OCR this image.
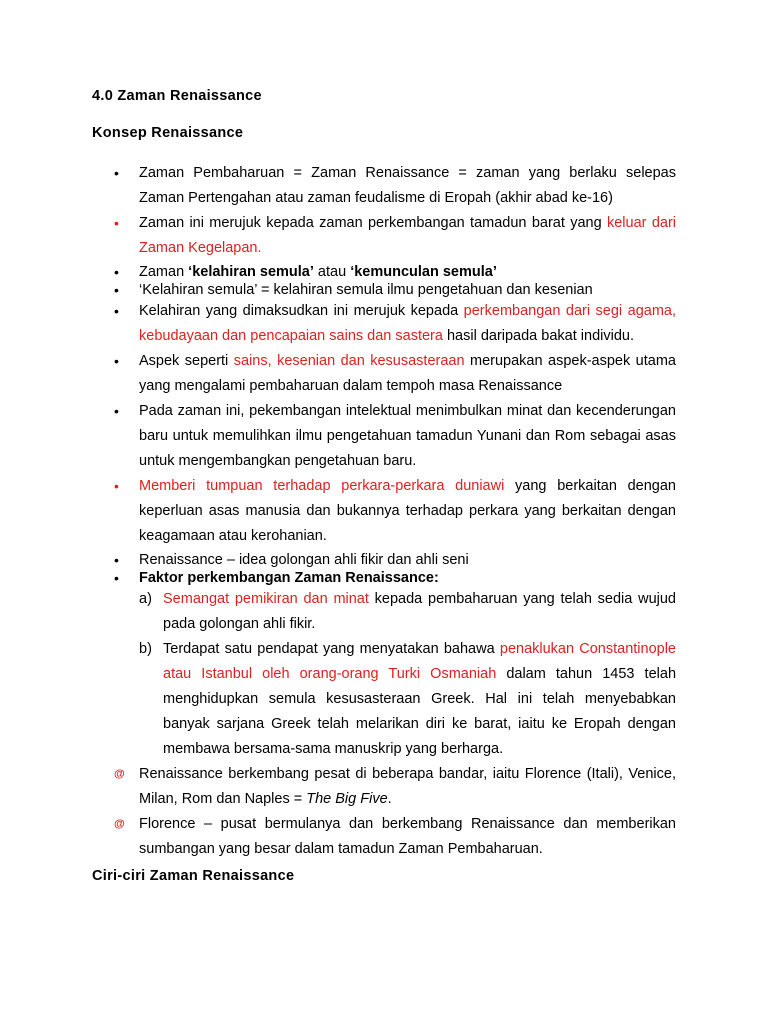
4.0 Zaman Renaissance
Konsep Renaissance
•
Zaman Pembaharuan = Zaman Renaissance = zaman yang berlaku selepas Zaman Pertengahan atau zaman feudalisme di Eropah (akhir abad ke-16)
•
Zaman ini merujuk kepada zaman perkembangan tamadun barat yang keluar dari Zaman Kegelapan.
•
Zaman ‘kelahiran semula’ atau ‘kemunculan semula’
•
‘Kelahiran semula’ = kelahiran semula ilmu pengetahuan dan kesenian
•
Kelahiran yang dimaksudkan ini merujuk kepada perkembangan dari segi agama, kebudayaan dan pencapaian sains dan sastera hasil daripada bakat individu.
•
Aspek seperti sains, kesenian dan kesusasteraan merupakan aspek-aspek utama yang mengalami pembaharuan dalam tempoh masa Renaissance
•
Pada zaman ini, pekembangan intelektual menimbulkan minat dan kecenderungan baru untuk memulihkan ilmu pengetahuan tamadun Yunani dan Rom sebagai asas untuk mengembangkan pengetahuan baru.
•
Memberi tumpuan terhadap perkara-perkara duniawi yang berkaitan dengan keperluan asas manusia dan bukannya terhadap perkara yang berkaitan dengan keagamaan atau kerohanian.
•
Renaissance – idea golongan ahli fikir dan ahli seni
•
Faktor perkembangan Zaman Renaissance:
a) Semangat pemikiran dan minat kepada pembaharuan yang telah sedia wujud pada golongan ahli fikir.
b) Terdapat satu pendapat yang menyatakan bahawa penaklukan Constantinople atau Istanbul oleh orang-orang Turki Osmaniah dalam tahun 1453 telah menghidupkan semula kesusasteraan Greek. Hal ini telah menyebabkan banyak sarjana Greek telah melarikan diri ke barat, iaitu ke Eropah dengan membawa bersama-sama manuskrip yang berharga.
@ Renaissance berkembang pesat di beberapa bandar, iaitu Florence (Itali), Venice, Milan, Rom dan Naples = The Big Five.
@ Florence – pusat bermulanya dan berkembang Renaissance dan memberikan sumbangan yang besar dalam tamadun Zaman Pembaharuan.
Ciri-ciri Zaman Renaissance
